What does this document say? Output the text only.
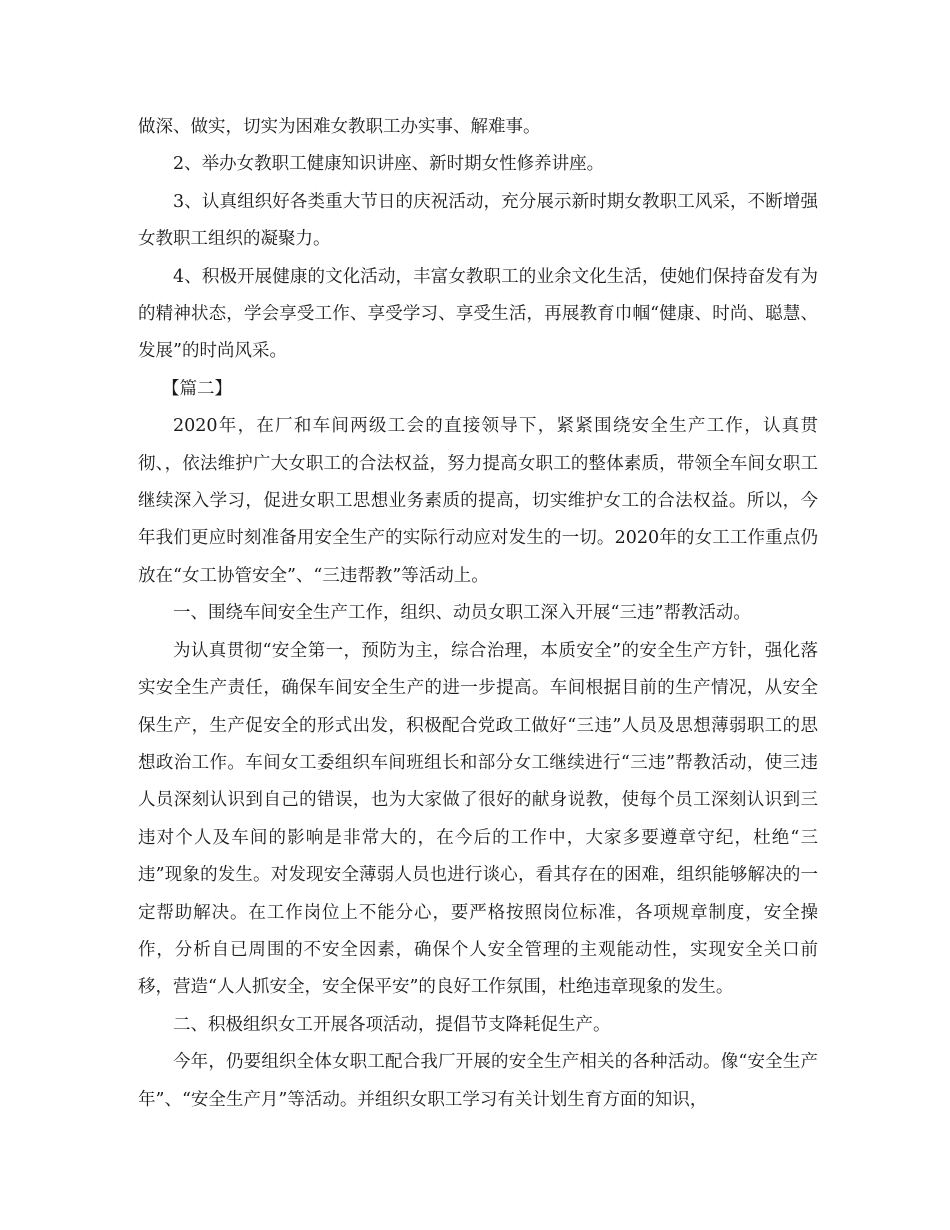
做深、做实，切实为困难女教职工办实事、解难事。

2、举办女教职工健康知识讲座、新时期女性修养讲座。

3、认真组织好各类重大节日的庆祝活动，充分展示新时期女教职工风采，不断增强女教职工组织的凝聚力。

4、积极开展健康的文化活动，丰富女教职工的业余文化生活，使她们保持奋发有为的精神状态，学会享受工作、享受学习、享受生活，再展教育巾帼“健康、时尚、聪慧、发展”的时尚风采。

【篇二】

2020年，在厂和车间两级工会的直接领导下，紧紧围绕安全生产工作，认真贯彻、，依法维护广大女职工的合法权益，努力提高女职工的整体素质，带领全车间女职工继续深入学习，促进女职工思想业务素质的提高，切实维护女工的合法权益。所以，今年我们更应时刻准备用安全生产的实际行动应对发生的一切。2020年的女工工作重点仍放在“女工协管安全”、“三违帮教”等活动上。

一、围绕车间安全生产工作，组织、动员女职工深入开展“三违”帮教活动。

为认真贯彻“安全第一，预防为主，综合治理，本质安全”的安全生产方针，强化落实安全生产责任，确保车间安全生产的进一步提高。车间根据目前的生产情况，从安全保生产，生产促安全的形式出发，积极配合党政工做好“三违”人员及思想薄弱职工的思想政治工作。车间女工委组织车间班组长和部分女工继续进行“三违”帮教活动，使三违人员深刻认识到自己的错误，也为大家做了很好的献身说教，使每个员工深刻认识到三违对个人及车间的影响是非常大的，在今后的工作中，大家多要遵章守纪，杜绝“三违”现象的发生。对发现安全薄弱人员也进行谈心，看其存在的困难，组织能够解决的一定帮助解决。在工作岗位上不能分心，要严格按照岗位标准，各项规章制度，安全操作，分析自已周围的不安全因素，确保个人安全管理的主观能动性，实现安全关口前移，营造“人人抓安全，安全保平安”的良好工作氛围，杜绝违章现象的发生。

二、积极组织女工开展各项活动，提倡节支降耗促生产。

今年，仍要组织全体女职工配合我厂开展的安全生产相关的各种活动。像“安全生产年”、“安全生产月”等活动。并组织女职工学习有关计划生育方面的知识，
